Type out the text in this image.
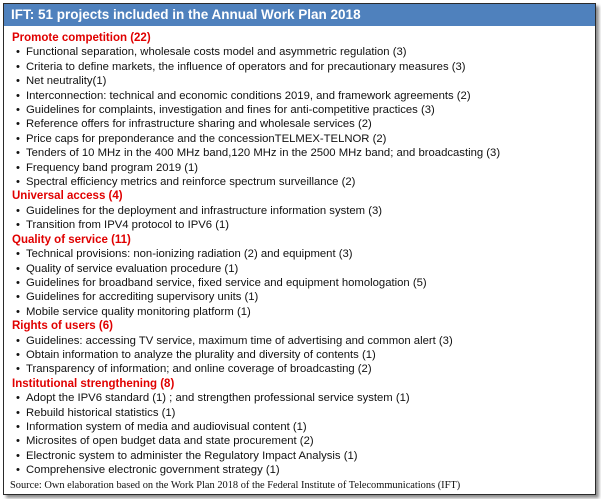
IFT: 51 projects included in the Annual Work Plan 2018
Promote competition (22)
• Functional separation, wholesale costs model and asymmetric regulation (3)
• Criteria to define markets, the influence of operators and for precautionary measures (3)
• Net neutrality(1)
• Interconnection: technical and economic conditions 2019, and framework agreements (2)
• Guidelines for complaints, investigation and fines for anti-competitive practices (3)
• Reference offers for infrastructure sharing and wholesale services (2)
• Price caps for preponderance and the concessionTELMEX-TELNOR (2)
• Tenders of 10 MHz in the 400 MHz band,120 MHz in the 2500 MHz band; and broadcasting (3)
• Frequency band program 2019 (1)
• Spectral efficiency metrics and reinforce spectrum surveillance (2)
Universal access (4)
• Guidelines for the deployment and infrastructure information system (3)
• Transition from IPV4 protocol to IPV6 (1)
Quality of service (11)
• Technical provisions: non-ionizing radiation (2) and equipment (3)
• Quality of service evaluation procedure (1)
• Guidelines for broadband service, fixed service and equipment homologation (5)
• Guidelines for accrediting supervisory units (1)
• Mobile service quality monitoring platform (1)
Rights of users (6)
• Guidelines: accessing TV service, maximum time of advertising and common alert (3)
• Obtain information to analyze the plurality and diversity of contents (1)
• Transparency of information; and online coverage of broadcasting (2)
Institutional strengthening (8)
• Adopt the IPV6 standard (1) ; and strengthen professional service system (1)
• Rebuild historical statistics (1)
• Information system of media and audiovisual content (1)
• Microsites of open budget data and state procurement (2)
• Electronic system to administer the Regulatory Impact Analysis (1)
• Comprehensive electronic government strategy (1)
Source: Own elaboration based on the Work Plan 2018 of the Federal Institute of Telecommunications (IFT)
